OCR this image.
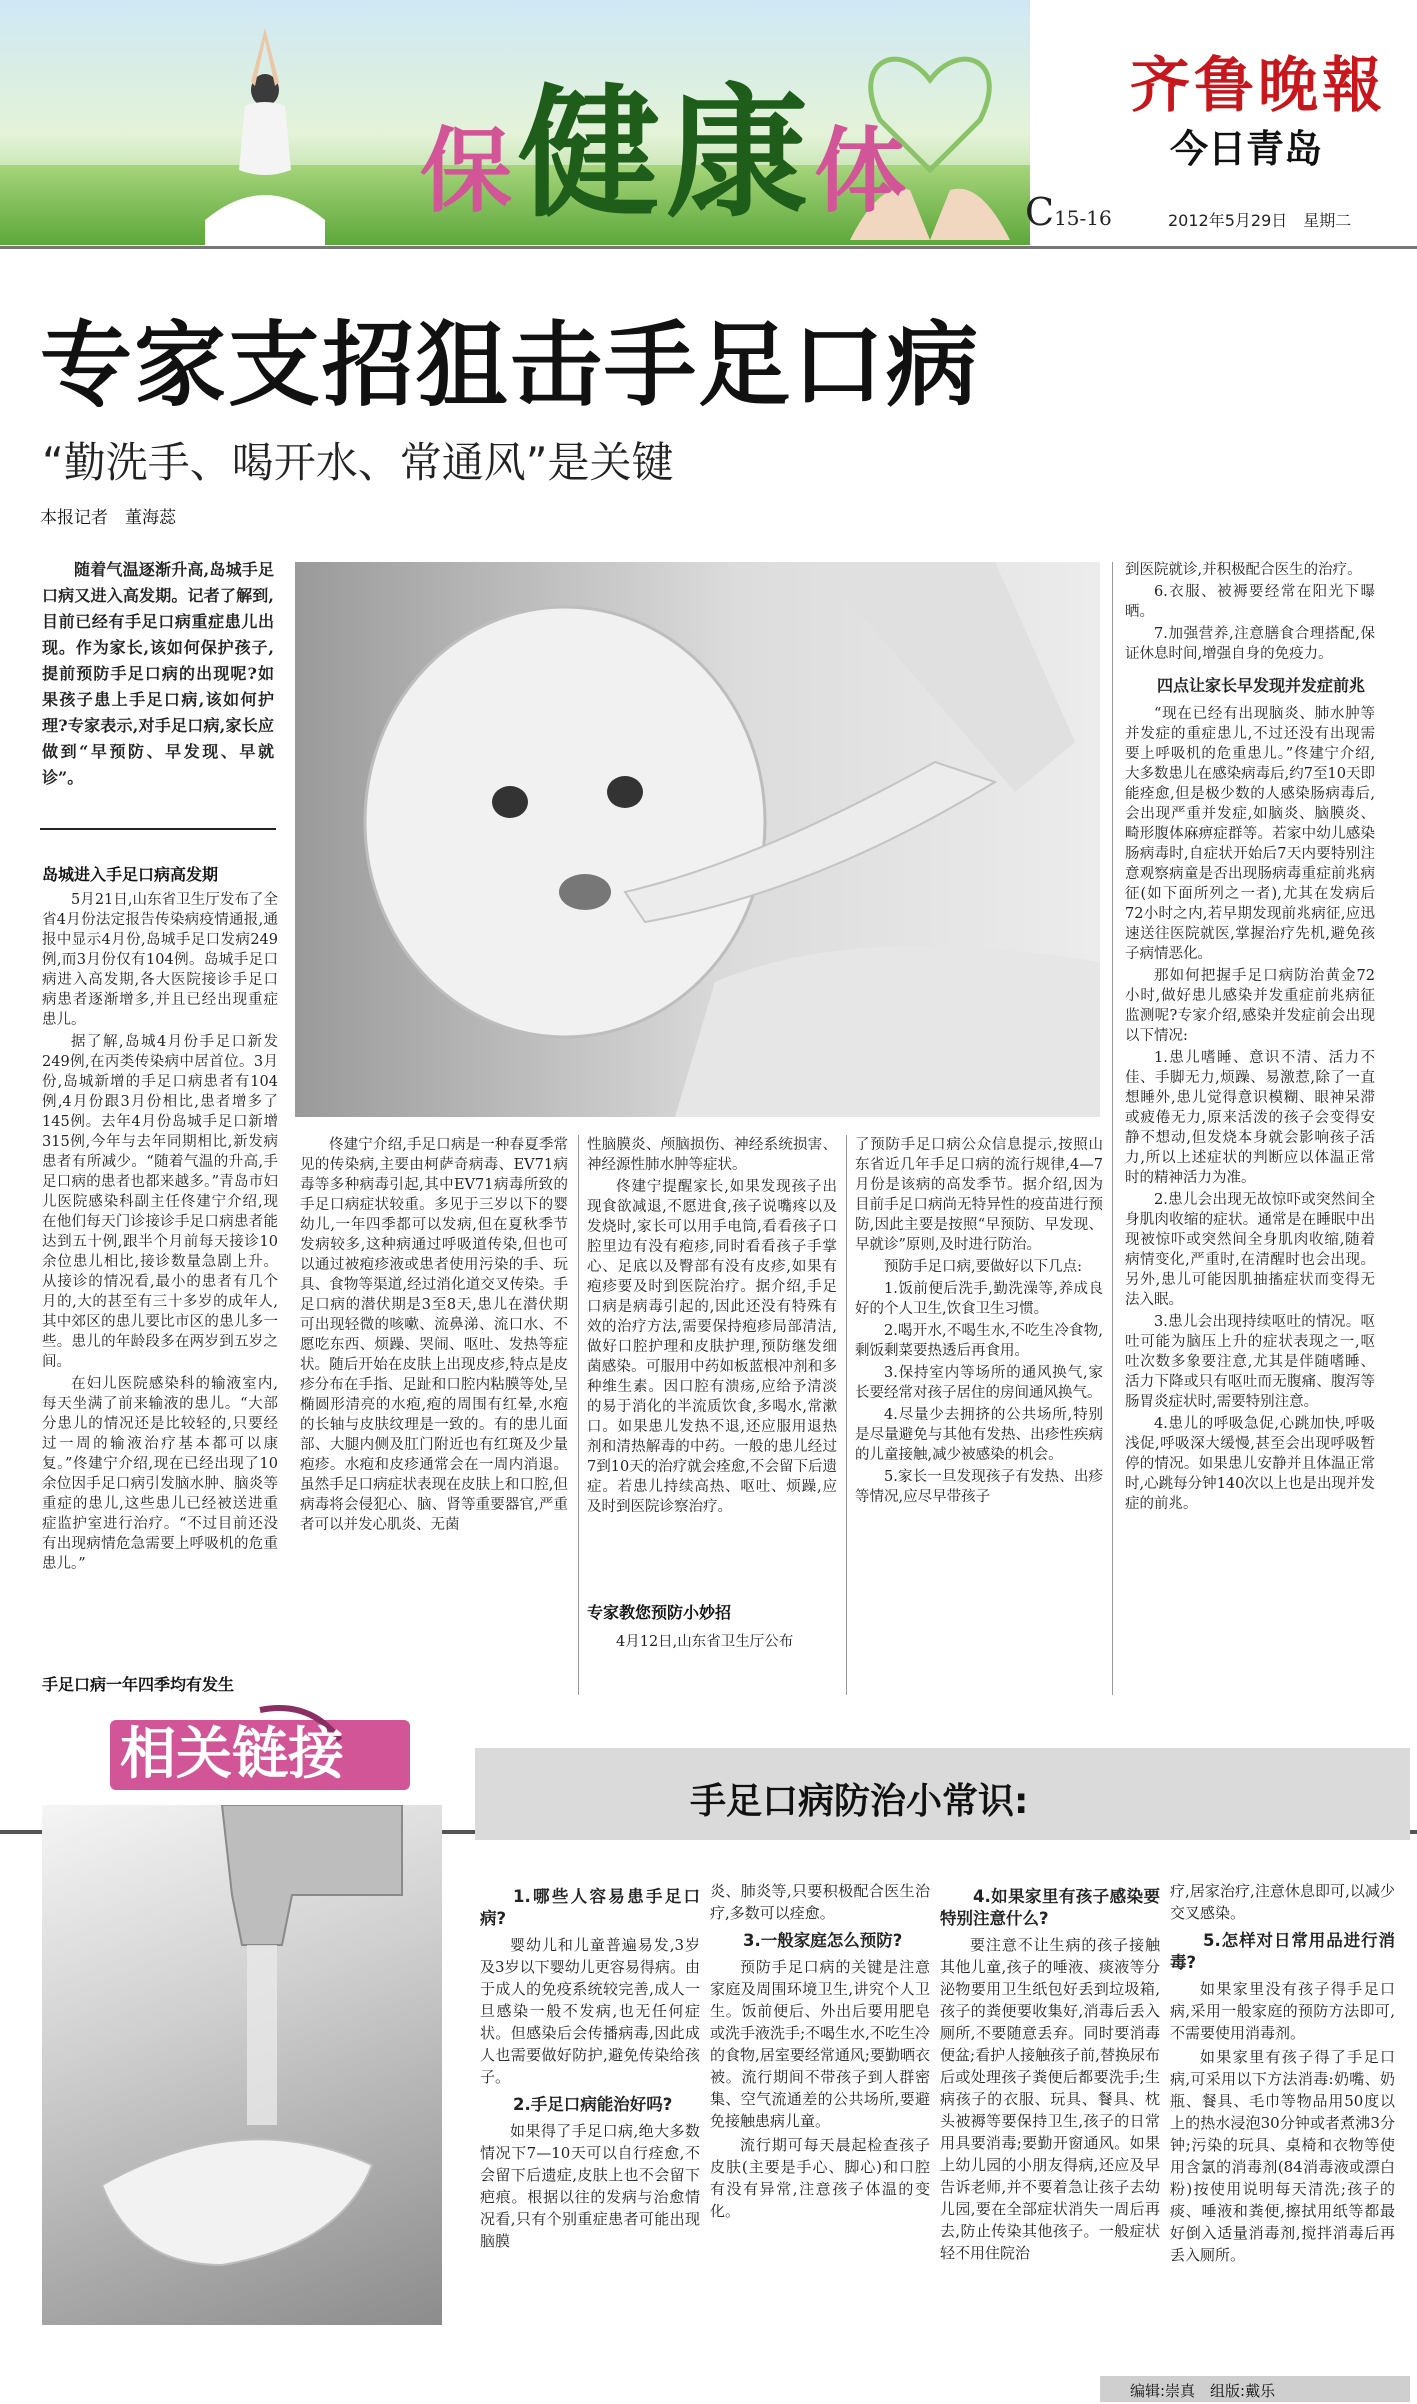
保健康体
齐鲁晚報
今日青岛
C15-16	2012年5月29日　星期二
专家支招狙击手足口病
“勤洗手、喝开水、常通风”是关键
本报记者　董海蕊

随着气温逐渐升高,岛城手足口病又进入高发期。记者了解到,目前已经有手足口病重症患儿出现。作为家长,该如何保护孩子,提前预防手足口病的出现呢?如果孩子患上手足口病,该如何护理?专家表示,对手足口病,家长应做到“早预防、早发现、早就诊”。

岛城进入手足口病高发期

5月21日,山东省卫生厅发布了全省4月份法定报告传染病疫情通报,通报中显示4月份,岛城手足口发病249例,而3月份仅有104例。岛城手足口病进入高发期,各大医院接诊手足口病患者逐渐增多,并且已经出现重症患儿。

据了解,岛城4月份手足口新发249例,在丙类传染病中居首位。3月份,岛城新增的手足口病患者有104例,4月份跟3月份相比,患者增多了145例。去年4月份岛城手足口新增315例,今年与去年同期相比,新发病患者有所减少。“随着气温的升高,手足口病的患者也都来越多。”青岛市妇儿医院感染科副主任佟建宁介绍,现在他们每天门诊接诊手足口病患者能达到五十例,跟半个月前每天接诊10余位患儿相比,接诊数量急剧上升。从接诊的情况看,最小的患者有几个月的,大的甚至有三十多岁的成年人,其中郊区的患儿要比市区的患儿多一些。患儿的年龄段多在两岁到五岁之间。

在妇儿医院感染科的输液室内,每天坐满了前来输液的患儿。“大部分患儿的情况还是比较轻的,只要经过一周的输液治疗基本都可以康复。”佟建宁介绍,现在已经出现了10余位因手足口病引发脑水肿、脑炎等重症的患儿,这些患儿已经被送进重症监护室进行治疗。“不过目前还没有出现病情危急需要上呼吸机的危重患儿。”

手足口病一年四季均有发生

佟建宁介绍,手足口病是一种春夏季常见的传染病,主要由柯萨奇病毒、EV71病毒等多种病毒引起,其中EV71病毒所致的手足口病症状较重。多见于三岁以下的婴幼儿,一年四季都可以发病,但在夏秋季节发病较多,这种病通过呼吸道传染,但也可以通过被疱疹液或患者使用污染的手、玩具、食物等渠道,经过消化道交叉传染。手足口病的潜伏期是3至8天,患儿在潜伏期可出现轻微的咳嗽、流鼻涕、流口水、不愿吃东西、烦躁、哭闹、呕吐、发热等症状。随后开始在皮肤上出现皮疹,特点是皮疹分布在手指、足趾和口腔内粘膜等处,呈椭圆形清亮的水疱,疱的周围有红晕,水疱的长轴与皮肤纹理是一致的。有的患儿面部、大腿内侧及肛门附近也有红斑及少量疱疹。水疱和皮疹通常会在一周内消退。虽然手足口病症状表现在皮肤上和口腔,但病毒将会侵犯心、脑、肾等重要器官,严重者可以并发心肌炎、无菌

性脑膜炎、颅脑损伤、神经系统损害、神经源性肺水肿等症状。

佟建宁提醒家长,如果发现孩子出现食欲减退,不愿进食,孩子说嘴疼以及发烧时,家长可以用手电筒,看看孩子口腔里边有没有疱疹,同时看看孩子手掌心、足底以及臀部有没有皮疹,如果有疱疹要及时到医院治疗。据介绍,手足口病是病毒引起的,因此还没有特殊有效的治疗方法,需要保持疱疹局部清洁,做好口腔护理和皮肤护理,预防继发细菌感染。可服用中药如板蓝根冲剂和多种维生素。因口腔有溃疡,应给予清淡的易于消化的半流质饮食,多喝水,常漱口。如果患儿发热不退,还应服用退热剂和清热解毒的中药。一般的患儿经过7到10天的治疗就会痊愈,不会留下后遗症。若患儿持续高热、呕吐、烦躁,应及时到医院诊察治疗。

专家教您预防小妙招

4月12日,山东省卫生厅公布

了预防手足口病公众信息提示,按照山东省近几年手足口病的流行规律,4—7月份是该病的高发季节。据介绍,因为目前手足口病尚无特异性的疫苗进行预防,因此主要是按照“早预防、早发现、早就诊”原则,及时进行防治。

预防手足口病,要做好以下几点:

1.饭前便后洗手,勤洗澡等,养成良好的个人卫生,饮食卫生习惯。

2.喝开水,不喝生水,不吃生冷食物,剩饭剩菜要热透后再食用。

3.保持室内等场所的通风换气,家长要经常对孩子居住的房间通风换气。

4.尽量少去拥挤的公共场所,特别是尽量避免与其他有发热、出疹性疾病的儿童接触,减少被感染的机会。

5.家长一旦发现孩子有发热、出疹等情况,应尽早带孩子

到医院就诊,并积极配合医生的治疗。

6.衣服、被褥要经常在阳光下曝晒。

7.加强营养,注意膳食合理搭配,保证休息时间,增强自身的免疫力。

四点让家长早发现并发症前兆

“现在已经有出现脑炎、肺水肿等并发症的重症患儿,不过还没有出现需要上呼吸机的危重患儿。”佟建宁介绍,大多数患儿在感染病毒后,约7至10天即能痊愈,但是极少数的人感染肠病毒后,会出现严重并发症,如脑炎、脑膜炎、畸形腹体麻痹症群等。若家中幼儿感染肠病毒时,自症状开始后7天内要特别注意观察病童是否出现肠病毒重症前兆病征(如下面所列之一者),尤其在发病后72小时之内,若早期发现前兆病征,应迅速送往医院就医,掌握治疗先机,避免孩子病情恶化。

那如何把握手足口病防治黄金72小时,做好患儿感染并发重症前兆病征监测呢?专家介绍,感染并发症前会出现以下情况:

1.患儿嗜睡、意识不清、活力不佳、手脚无力,烦躁、易激惹,除了一直想睡外,患儿觉得意识模糊、眼神呆滞或疲倦无力,原来活泼的孩子会变得安静不想动,但发烧本身就会影响孩子活力,所以上述症状的判断应以体温正常时的精神活力为准。

2.患儿会出现无故惊吓或突然间全身肌肉收缩的症状。通常是在睡眠中出现被惊吓或突然间全身肌肉收缩,随着病情变化,严重时,在清醒时也会出现。另外,患儿可能因肌抽搐症状而变得无法入眠。

3.患儿会出现持续呕吐的情况。呕吐可能为脑压上升的症状表现之一,呕吐次数多象要注意,尤其是伴随嗜睡、活力下降或只有呕吐而无腹痛、腹泻等肠胃炎症状时,需要特别注意。

4.患儿的呼吸急促,心跳加快,呼吸浅促,呼吸深大缓慢,甚至会出现呼吸暂停的情况。如果患儿安静并且体温正常时,心跳每分钟140次以上也是出现并发症的前兆。

相关链接
手足口病防治小常识:
1.哪些人容易患手足口病?

婴幼儿和儿童普遍易发,3岁及3岁以下婴幼儿更容易得病。由于成人的免疫系统较完善,成人一旦感染一般不发病,也无任何症状。但感染后会传播病毒,因此成人也需要做好防护,避免传染给孩子。

2.手足口病能治好吗?

如果得了手足口病,绝大多数情况下7—10天可以自行痊愈,不会留下后遗症,皮肤上也不会留下疤痕。根据以往的发病与治愈情况看,只有个别重症患者可能出现脑膜

炎、肺炎等,只要积极配合医生治疗,多数可以痊愈。

3.一般家庭怎么预防?

预防手足口病的关键是注意家庭及周围环境卫生,讲究个人卫生。饭前便后、外出后要用肥皂或洗手液洗手;不喝生水,不吃生冷的食物,居室要经常通风;要勤晒衣被。流行期间不带孩子到人群密集、空气流通差的公共场所,要避免接触患病儿童。

流行期可每天晨起检查孩子皮肤(主要是手心、脚心)和口腔有没有异常,注意孩子体温的变化。

4.如果家里有孩子感染要特别注意什么?

要注意不让生病的孩子接触其他儿童,孩子的唾液、痰液等分泌物要用卫生纸包好丢到垃圾箱,孩子的粪便要收集好,消毒后丢入厕所,不要随意丢弃。同时要消毒便盆;看护人接触孩子前,替换尿布后或处理孩子粪便后都要洗手;生病孩子的衣服、玩具、餐具、枕头被褥等要保持卫生,孩子的日常用具要消毒;要勤开窗通风。如果上幼儿园的小朋友得病,还应及早告诉老师,并不要着急让孩子去幼儿园,要在全部症状消失一周后再去,防止传染其他孩子。一般症状轻不用住院治

疗,居家治疗,注意休息即可,以减少交叉感染。

5.怎样对日常用品进行消毒?

如果家里没有孩子得手足口病,采用一般家庭的预防方法即可,不需要使用消毒剂。

如果家里有孩子得了手足口病,可采用以下方法消毒:奶嘴、奶瓶、餐具、毛巾等物品用50度以上的热水浸泡30分钟或者煮沸3分钟;污染的玩具、桌椅和衣物等使用含氯的消毒剂(84消毒液或漂白粉)按使用说明每天清洗;孩子的痰、唾液和粪便,擦拭用纸等都最好倒入适量消毒剂,搅拌消毒后再丢入厕所。

编辑:崇真　组版:戴乐
